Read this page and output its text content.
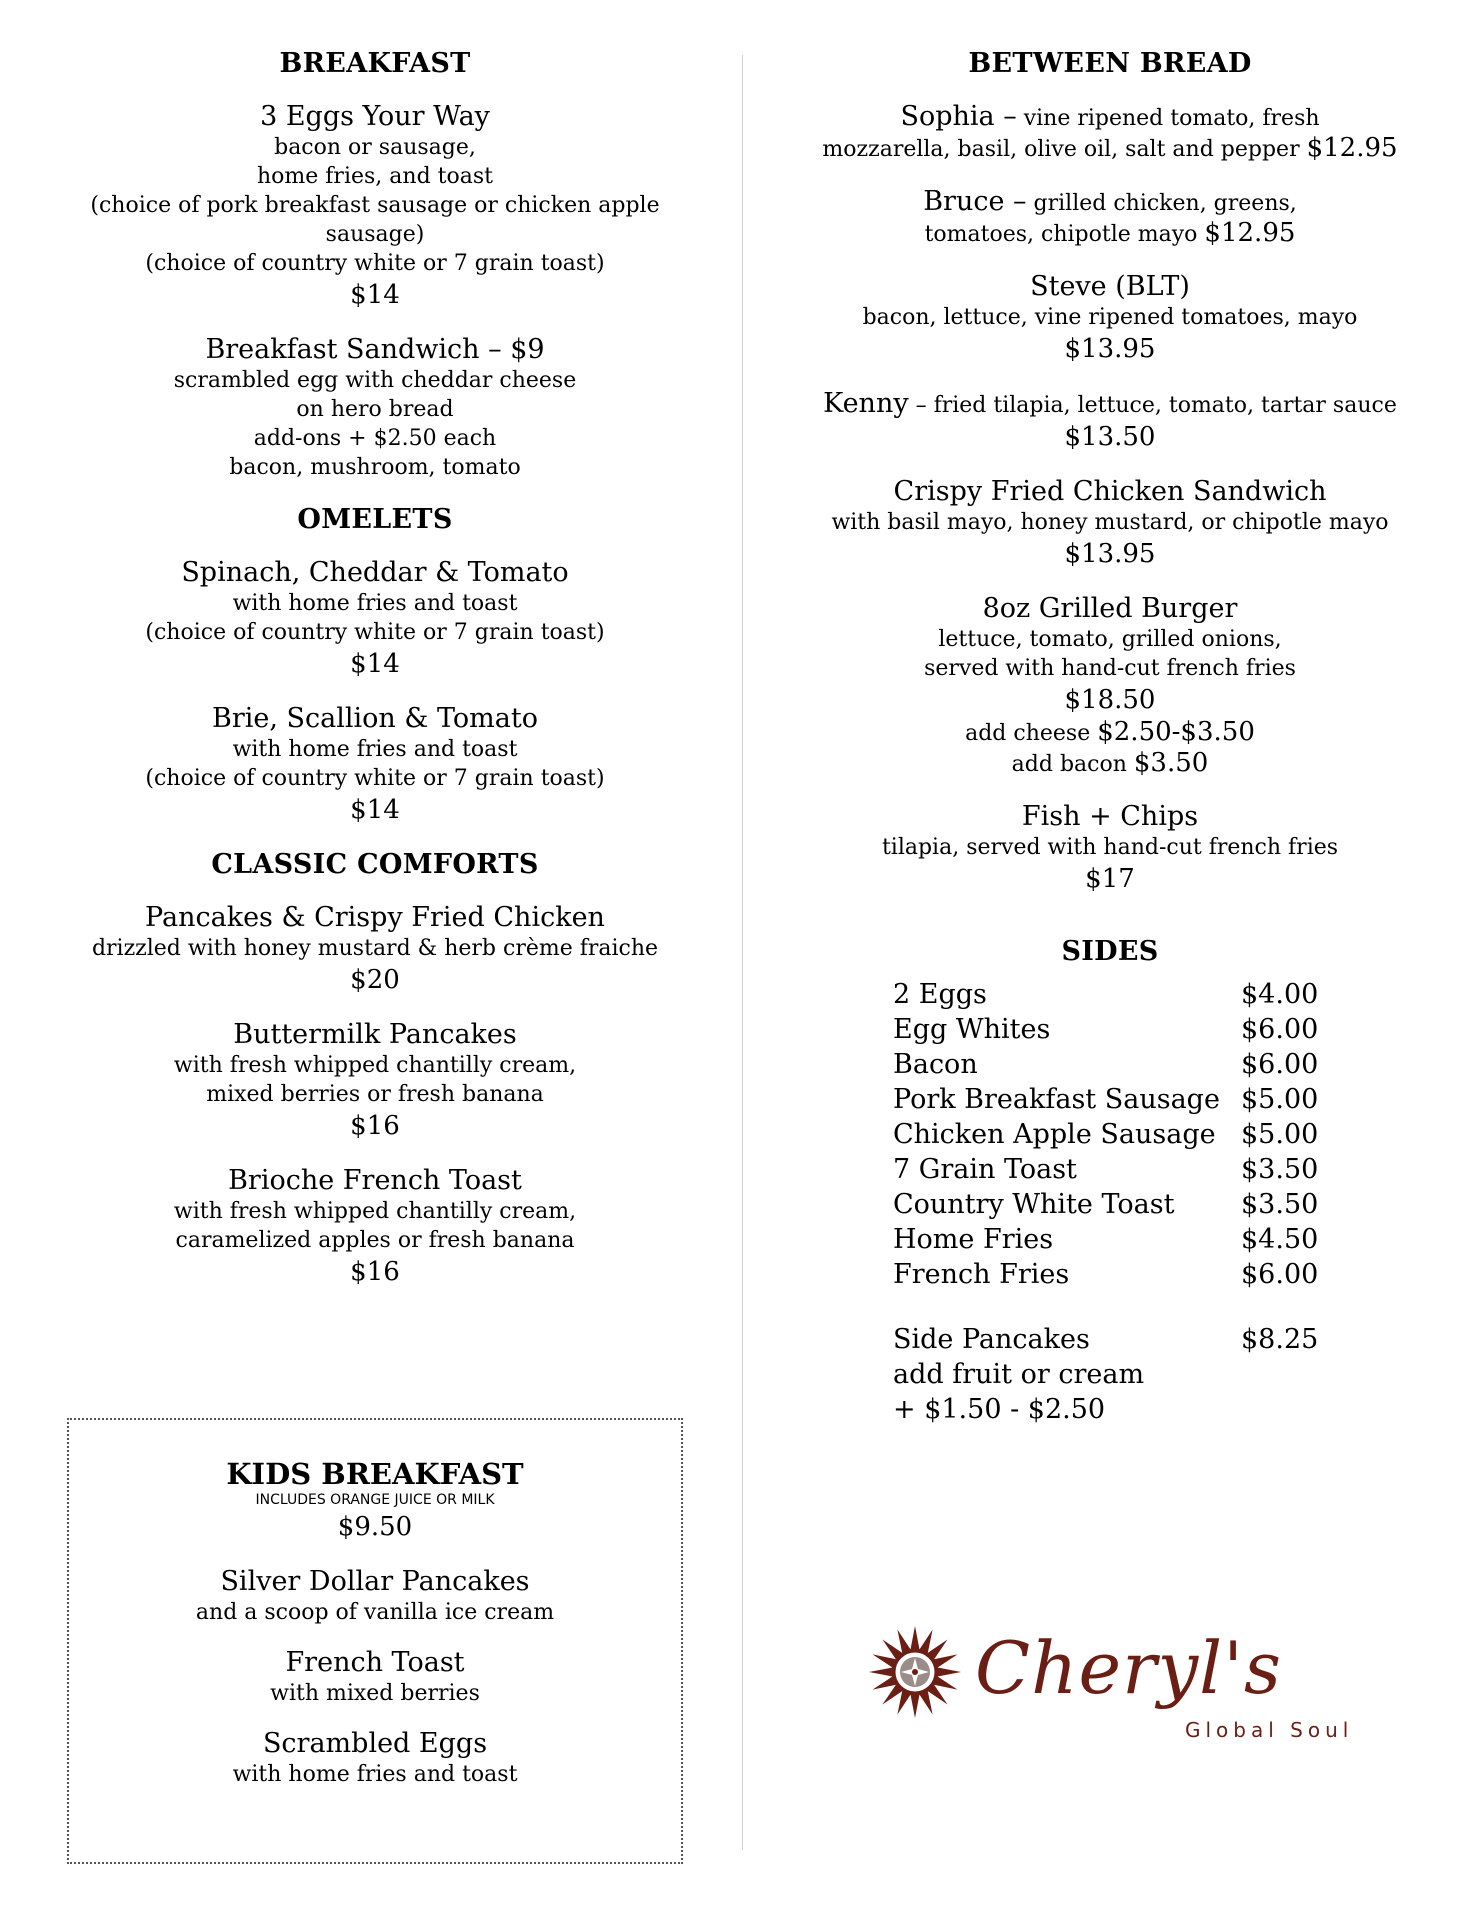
BREAKFAST
3 Eggs Your Way
bacon or sausage,
home fries, and toast
(choice of pork breakfast sausage or chicken apple sausage)
(choice of country white or 7 grain toast)
$14
Breakfast Sandwich – $9
scrambled egg with cheddar cheese
on hero bread
add-ons + $2.50 each
bacon, mushroom, tomato
OMELETS
Spinach, Cheddar & Tomato
with home fries and toast
(choice of country white or 7 grain toast)
$14
Brie, Scallion & Tomato
with home fries and toast
(choice of country white or 7 grain toast)
$14
CLASSIC COMFORTS
Pancakes & Crispy Fried Chicken
drizzled with honey mustard & herb crème fraiche
$20
Buttermilk Pancakes
with fresh whipped chantilly cream,
mixed berries or fresh banana
$16
Brioche French Toast
with fresh whipped chantilly cream,
caramelized apples or fresh banana
$16
KIDS BREAKFAST
INCLUDES ORANGE JUICE OR MILK
$9.50
Silver Dollar Pancakes
and a scoop of vanilla ice cream
French Toast
with mixed berries
Scrambled Eggs
with home fries and toast
BETWEEN BREAD
Sophia – vine ripened tomato, fresh
mozzarella, basil, olive oil, salt and pepper $12.95
Bruce – grilled chicken, greens,
tomatoes, chipotle mayo $12.95
Steve (BLT)
bacon, lettuce, vine ripened tomatoes, mayo
$13.95
Kenny – fried tilapia, lettuce, tomato, tartar sauce
$13.50
Crispy Fried Chicken Sandwich
with basil mayo, honey mustard, or chipotle mayo
$13.95
8oz Grilled Burger
lettuce, tomato, grilled onions,
served with hand-cut french fries
$18.50
add cheese $2.50-$3.50
add bacon $3.50
Fish + Chips
tilapia, served with hand-cut french fries
$17
SIDES
2 Eggs	$4.00
Egg Whites	$6.00
Bacon	$6.00
Pork Breakfast Sausage $5.00
Chicken Apple Sausage $5.00
7 Grain Toast	$3.50
Country White Toast	$3.50
Home Fries	$4.50
French Fries	$6.00
Side Pancakes	$8.25
add fruit or cream
+ $1.50 - $2.50
Cheryl's
Global Soul
